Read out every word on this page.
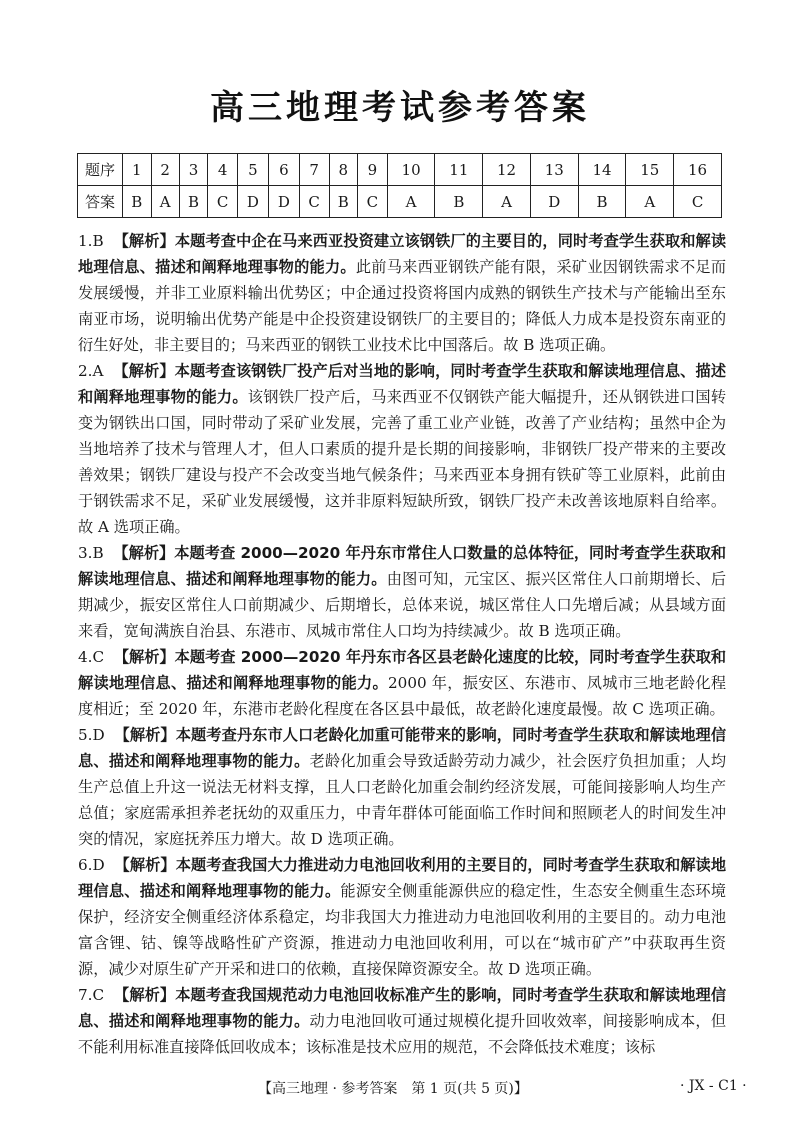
高三地理考试参考答案
题序	1	2	3	4	5	6	7	8	9	10	11	12	13	14	15	16
答案	B	A	B	C	D	D	C	B	C	A	B	A	D	B	A	C

1.B 【解析】本题考查中企在马来西亚投资建立该钢铁厂的主要目的，同时考查学生获取和解读地理信息、描述和阐释地理事物的能力。此前马来西亚钢铁产能有限，采矿业因钢铁需求不足而发展缓慢，并非工业原料输出优势区；中企通过投资将国内成熟的钢铁生产技术与产能输出至东南亚市场，说明输出优势产能是中企投资建设钢铁厂的主要目的；降低人力成本是投资东南亚的衍生好处，非主要目的；马来西亚的钢铁工业技术比中国落后。故 B 选项正确。

2.A 【解析】本题考查该钢铁厂投产后对当地的影响，同时考查学生获取和解读地理信息、描述和阐释地理事物的能力。该钢铁厂投产后，马来西亚不仅钢铁产能大幅提升，还从钢铁进口国转变为钢铁出口国，同时带动了采矿业发展，完善了重工业产业链，改善了产业结构；虽然中企为当地培养了技术与管理人才，但人口素质的提升是长期的间接影响，非钢铁厂投产带来的主要改善效果；钢铁厂建设与投产不会改变当地气候条件；马来西亚本身拥有铁矿等工业原料，此前由于钢铁需求不足，采矿业发展缓慢，这并非原料短缺所致，钢铁厂投产未改善该地原料自给率。故 A 选项正确。

3.B 【解析】本题考查 2000—2020 年丹东市常住人口数量的总体特征，同时考查学生获取和解读地理信息、描述和阐释地理事物的能力。由图可知，元宝区、振兴区常住人口前期增长、后期减少，振安区常住人口前期减少、后期增长，总体来说，城区常住人口先增后减；从县域方面来看，宽甸满族自治县、东港市、凤城市常住人口均为持续减少。故 B 选项正确。

4.C 【解析】本题考查 2000—2020 年丹东市各区县老龄化速度的比较，同时考查学生获取和解读地理信息、描述和阐释地理事物的能力。2000 年，振安区、东港市、凤城市三地老龄化程度相近；至 2020 年，东港市老龄化程度在各区县中最低，故老龄化速度最慢。故 C 选项正确。

5.D 【解析】本题考查丹东市人口老龄化加重可能带来的影响，同时考查学生获取和解读地理信息、描述和阐释地理事物的能力。老龄化加重会导致适龄劳动力减少，社会医疗负担加重；人均生产总值上升这一说法无材料支撑，且人口老龄化加重会制约经济发展，可能间接影响人均生产总值；家庭需承担养老抚幼的双重压力，中青年群体可能面临工作时间和照顾老人的时间发生冲突的情况，家庭抚养压力增大。故 D 选项正确。

6.D 【解析】本题考查我国大力推进动力电池回收利用的主要目的，同时考查学生获取和解读地理信息、描述和阐释地理事物的能力。能源安全侧重能源供应的稳定性，生态安全侧重生态环境保护，经济安全侧重经济体系稳定，均非我国大力推进动力电池回收利用的主要目的。动力电池富含锂、钴、镍等战略性矿产资源，推进动力电池回收利用，可以在“城市矿产”中获取再生资源，减少对原生矿产开采和进口的依赖，直接保障资源安全。故 D 选项正确。

7.C 【解析】本题考查我国规范动力电池回收标准产生的影响，同时考查学生获取和解读地理信息、描述和阐释地理事物的能力。动力电池回收可通过规模化提升回收效率，间接影响成本，但不能利用标准直接降低回收成本；该标准是技术应用的规范，不会降低技术难度；该标

【高三地理 · 参考答案　第 1 页(共 5 页)】	· JX - C1 ·
